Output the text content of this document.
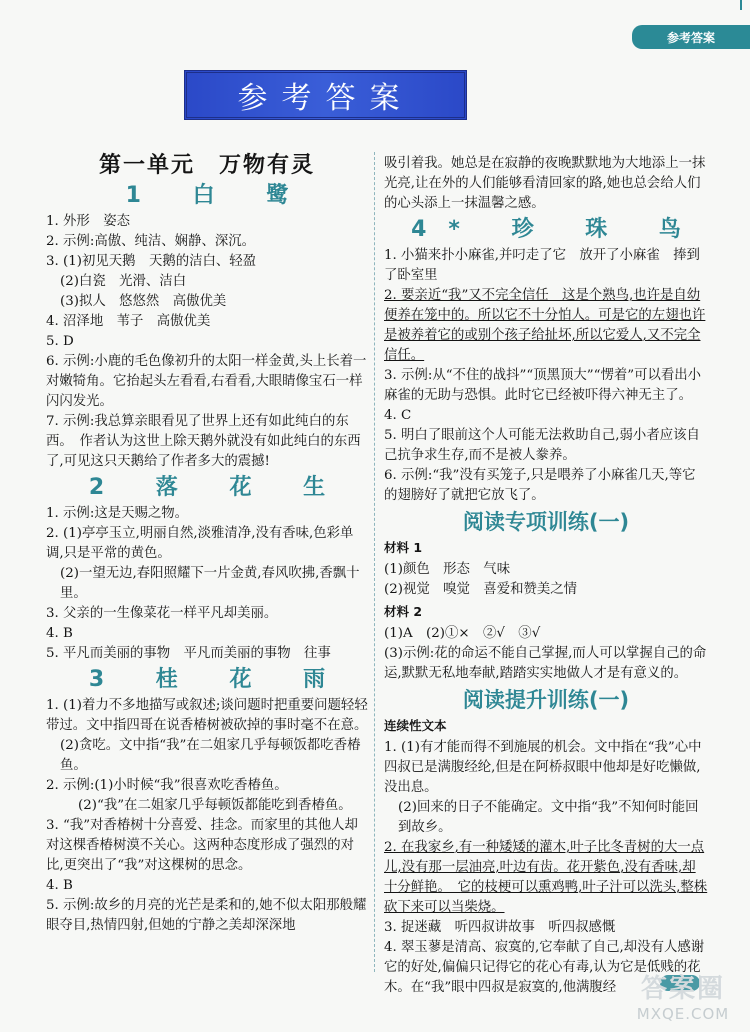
参考答案
参考答案
第一单元　万物有灵
1 白 鹭

1. 外形　姿态

2. 示例:高傲、纯洁、娴静、深沉。

3. (1)初见天鹅　天鹅的洁白、轻盈

(2)白瓷　光滑、洁白

(3)拟人　悠悠然　高傲优美

4. 沼泽地　苇子　高傲优美

5. D

6. 示例:小鹿的毛色像初升的太阳一样金黄,头上长着一对嫩犄角。它抬起头左看看,右看看,大眼睛像宝石一样闪闪发光。

7. 示例:我总算亲眼看见了世界上还有如此纯白的东西。　作者认为这世上除天鹅外就没有如此纯白的东西了,可见这只天鹅给了作者多大的震撼!

2 落 花 生

1. 示例:这是天赐之物。

2. (1)亭亭玉立,明丽自然,淡雅清净,没有香味,色彩单调,只是平常的黄色。

(2)一望无边,春阳照耀下一片金黄,春风吹拂,香飘十里。

3. 父亲的一生像菜花一样平凡却美丽。

4. B

5. 平凡而美丽的事物　平凡而美丽的事物　往事

3 桂 花 雨

1. (1)着力不多地描写或叙述;谈问题时把重要问题轻轻带过。文中指四哥在说香椿树被砍掉的事时毫不在意。

(2)贪吃。文中指“我”在二姐家几乎每顿饭都吃香椿鱼。

2. 示例:(1)小时候“我”很喜欢吃香椿鱼。

(2)“我”在二姐家几乎每顿饭都能吃到香椿鱼。

3. “我”对香椿树十分喜爱、挂念。而家里的其他人却对这棵香椿树漠不关心。这两种态度形成了强烈的对比,更突出了“我”对这棵树的思念。

4. B

5. 示例:故乡的月亮的光芒是柔和的,她不似太阳那般耀眼夺目,热情四射,但她的宁静之美却深深地

吸引着我。她总是在寂静的夜晚默默地为大地添上一抹光亮,让在外的人们能够看清回家的路,她也总会给人们的心头添上一抹温馨之感。

4* 珍 珠 鸟

1. 小猫来扑小麻雀,并叼走了它　放开了小麻雀　捧到了卧室里

2. 要亲近“我”又不完全信任　这是个熟鸟,也许是自幼便养在笼中的。所以它不十分怕人。可是它的左翅也许是被养着它的或别个孩子给扯坏,所以它爱人,又不完全信任。

3. 示例:从“不住的战抖”“顶黑顶大”“愣着”可以看出小麻雀的无助与恐惧。此时它已经被吓得六神无主了。

4. C

5. 明白了眼前这个人可能无法救助自己,弱小者应该自己抗争求生存,而不是被人豢养。

6. 示例:“我”没有买笼子,只是喂养了小麻雀几天,等它的翅膀好了就把它放飞了。

阅读专项训练(一)
材料 1

(1)颜色　形态　气味

(2)视觉　嗅觉　喜爱和赞美之情

材料 2

(1)A　(2)①×　②√　③√

(3)示例:花的命运不能自己掌握,而人可以掌握自己的命运,默默无私地奉献,踏踏实实地做人才是有意义的。

阅读提升训练(一)
连续性文本

1. (1)有才能而得不到施展的机会。文中指在“我”心中四叔已是满腹经纶,但是在阿桥叔眼中他却是好吃懒做,没出息。

(2)回来的日子不能确定。文中指“我”不知何时能回到故乡。

2. 在我家乡,有一种矮矮的灌木,叶子比冬青树的大一点儿,没有那一层油亮,叶边有齿。花开紫色,没有香味,却十分鲜艳。　它的枝梗可以熏鸡鸭,叶子汁可以洗头,整株砍下来可以当柴烧。

3. 捉迷藏　听四叔讲故事　听四叔感慨

4. 翠玉蓼是清高、寂寞的,它奉献了自己,却没有人感谢它的好处,偏偏只记得它的花心有毒,认为它是低贱的花木。在“我”眼中四叔是寂寞的,他满腹经 答案圈
MXQE.COM
